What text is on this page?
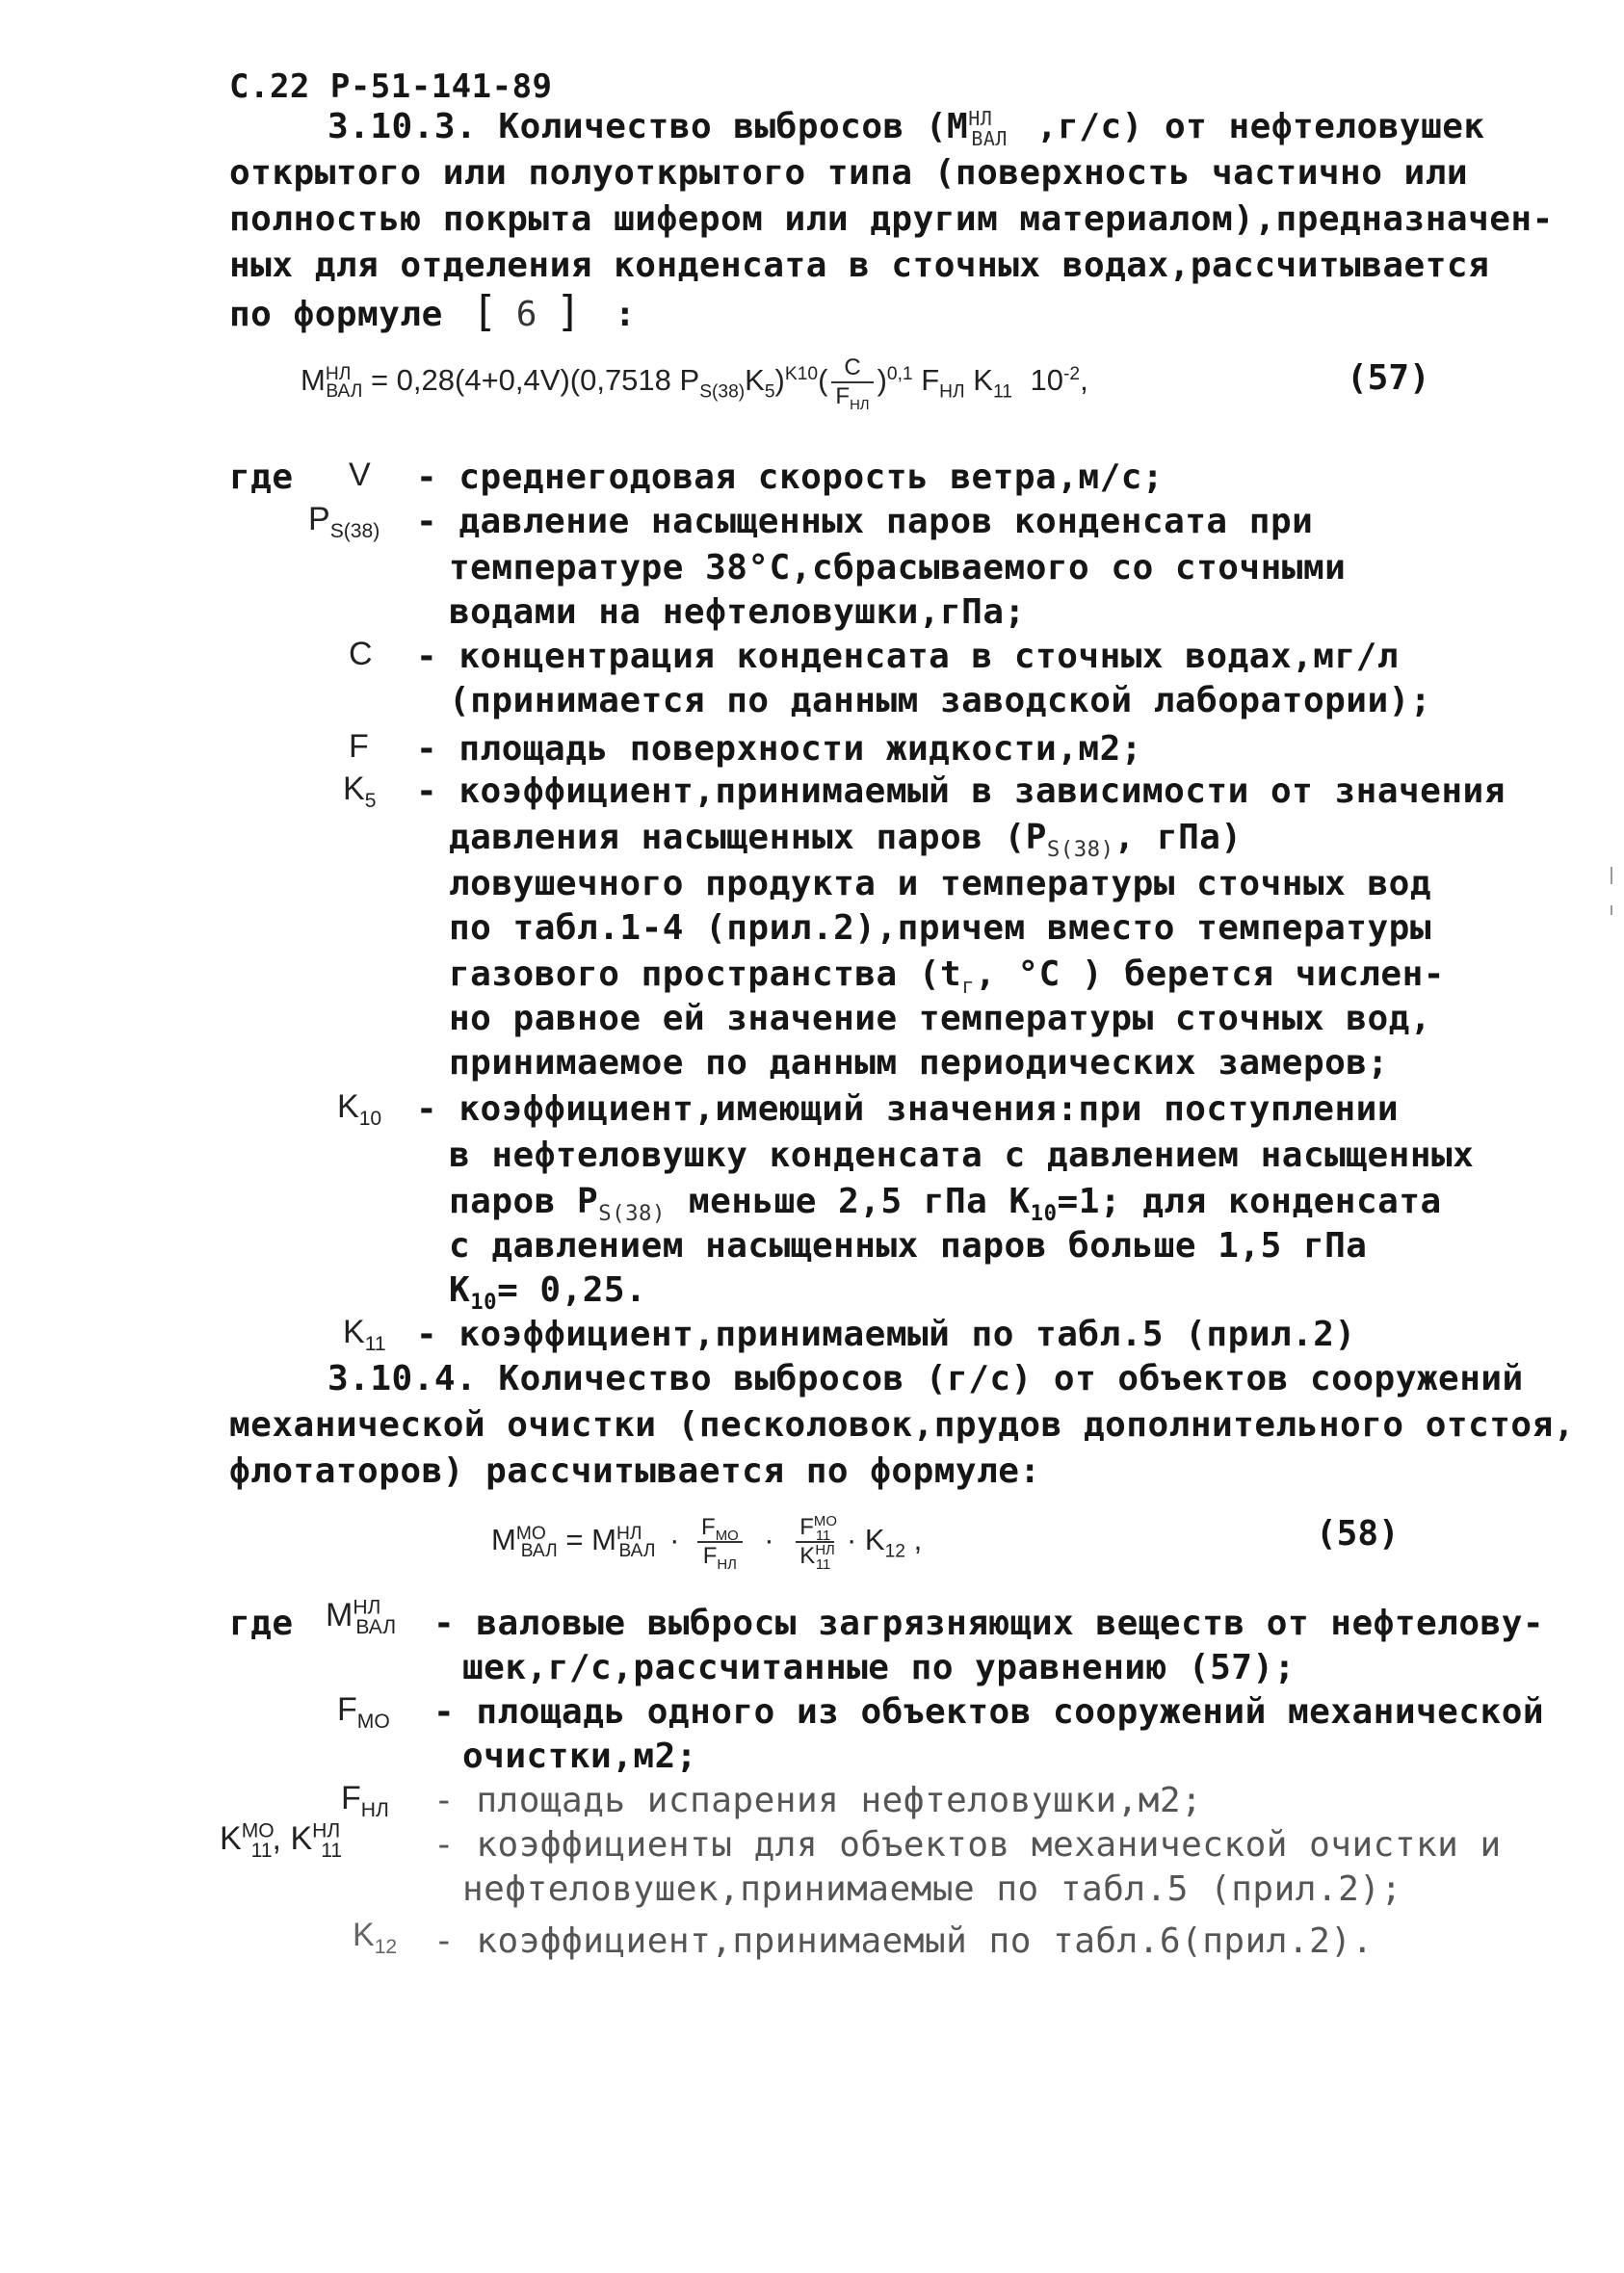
С.22 Р-51-141-89
3.10.3. Количество выбросов ($M^{НЛ}_{ВАЛ}$ ,г/с) от нефтеловушек
открытого или полуоткрытого типа (поверхность частично или
полностью покрыта шифером или другим материалом),предназначен-
ных для отделения конденсата в сточных водах,рассчитывается
по формуле [ 6 ] :
$M^{НЛ}_{ВАЛ} = 0,28(4+0,4V)(0,7518$ $P_{S(38)}K_5)^{K10}( \frac{C}{F_{НЛ}} )^{0,1}$ $F_{НЛ}$ $K_{11}$ $10^{-2}$,	(57)
где V - среднегодовая скорость ветра,м/с;
$P_{S(38)}$ - давление насыщенных паров конденсата при
температуре 38°С,сбрасываемого со сточными
водами на нефтеловушки,гПа;
C - концентрация конденсата в сточных водах,мг/л
(принимается по данным заводской лаборатории);
F - площадь поверхности жидкости,м2;
$K_5$ - коэффициент,принимаемый в зависимости от значения
давления насыщенных паров ($P_{S(38)}$, гПа)
ловушечного продукта и температуры сточных вод
по табл.1-4 (прил.2),причем вместо температуры
газового пространства ($t_г$, °C ) берется числен-
но равное ей значение температуры сточных вод,
принимаемое по данным периодических замеров;
$K_{10}$ - коэффициент,имеющий значения:при поступлении
в нефтеловушку конденсата с давлением насыщенных
паров $P_{S(38)}$ меньше 2,5 гПа $K_{10}=1$; для конденсата
с давлением насыщенных паров больше 1,5 гПа
$K_{10}= 0,25$.
$K_{11}$ - коэффициент,принимаемый по табл.5 (прил.2)
3.10.4. Количество выбросов (г/с) от объектов сооружений
механической очистки (песколовок,прудов дополнительного отстоя,
флотаторов) рассчитывается по формуле:
$M^{МО}_{ВАЛ} = M^{НЛ}_{ВАЛ} \cdot \frac{F_{МО}}{F_{НЛ}} \cdot \frac{F^{МО}_{11}}{K^{НЛ}_{11}} \cdot K_{12}$ ,	(58)
где $M^{НЛ}_{ВАЛ}$ - валовые выбросы загрязняющих веществ от нефтелову-
шек,г/с,рассчитанные по уравнению (57);
$F_{МО}$ - площадь одного из объектов сооружений механической
очистки,м2;
$F_{НЛ}$ - площадь испарения нефтеловушки,м2;
$K^{МО}_{11}$, $K^{НЛ}_{11}$	- коэффициенты для объектов механической очистки и
нефтеловушек,принимаемые по табл.5 (прил.2);
$K_{12}$ - коэффициент,принимаемый по табл.6(прил.2).
